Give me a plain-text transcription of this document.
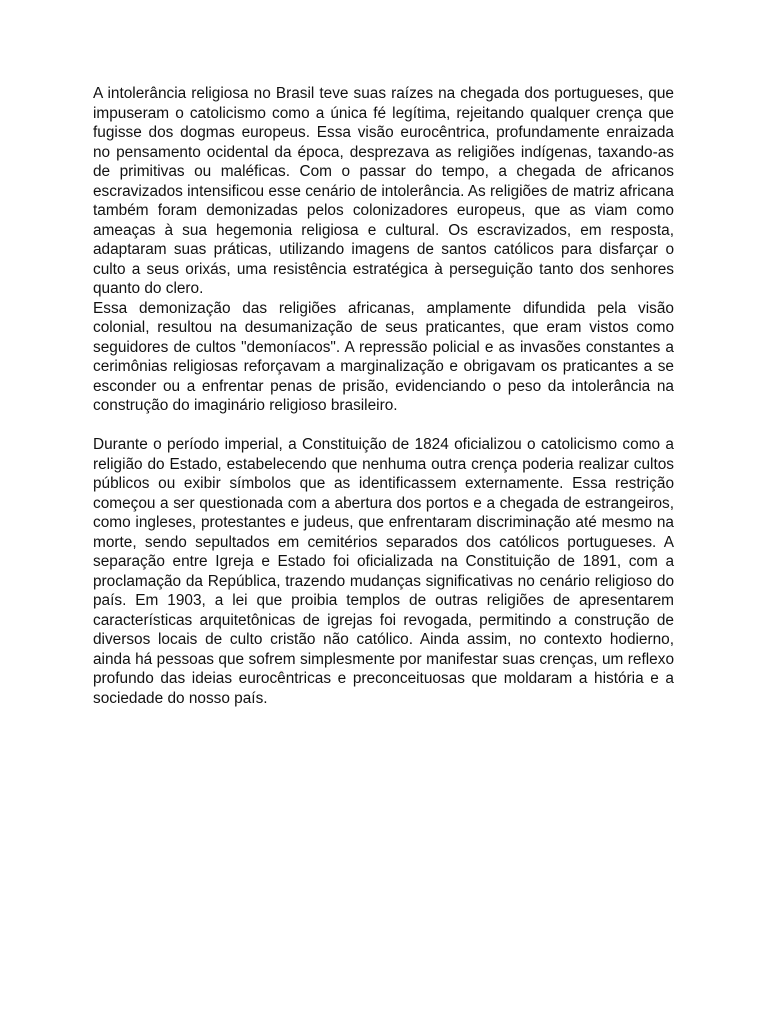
A intolerância religiosa no Brasil teve suas raízes na chegada dos portugueses, que impuseram o catolicismo como a única fé legítima, rejeitando qualquer crença que fugisse dos dogmas europeus. Essa visão eurocêntrica, profundamente enraizada no pensamento ocidental da época, desprezava as religiões indígenas, taxando-as de primitivas ou maléficas. Com o passar do tempo, a chegada de africanos escravizados intensificou esse cenário de intolerância. As religiões de matriz africana também foram demonizadas pelos colonizadores europeus, que as viam como ameaças à sua hegemonia religiosa e cultural. Os escravizados, em resposta, adaptaram suas práticas, utilizando imagens de santos católicos para disfarçar o culto a seus orixás, uma resistência estratégica à perseguição tanto dos senhores quanto do clero.

Essa demonização das religiões africanas, amplamente difundida pela visão colonial, resultou na desumanização de seus praticantes, que eram vistos como seguidores de cultos "demoníacos". A repressão policial e as invasões constantes a cerimônias religiosas reforçavam a marginalização e obrigavam os praticantes a se esconder ou a enfrentar penas de prisão, evidenciando o peso da intolerância na construção do imaginário religioso brasileiro.

Durante o período imperial, a Constituição de 1824 oficializou o catolicismo como a religião do Estado, estabelecendo que nenhuma outra crença poderia realizar cultos públicos ou exibir símbolos que as identificassem externamente. Essa restrição começou a ser questionada com a abertura dos portos e a chegada de estrangeiros, como ingleses, protestantes e judeus, que enfrentaram discriminação até mesmo na morte, sendo sepultados em cemitérios separados dos católicos portugueses. A separação entre Igreja e Estado foi oficializada na Constituição de 1891, com a proclamação da República, trazendo mudanças significativas no cenário religioso do país. Em 1903, a lei que proibia templos de outras religiões de apresentarem características arquitetônicas de igrejas foi revogada, permitindo a construção de diversos locais de culto cristão não católico. Ainda assim, no contexto hodierno, ainda há pessoas que sofrem simplesmente por manifestar suas crenças, um reflexo profundo das ideias eurocêntricas e preconceituosas que moldaram a história e a sociedade do nosso país.
